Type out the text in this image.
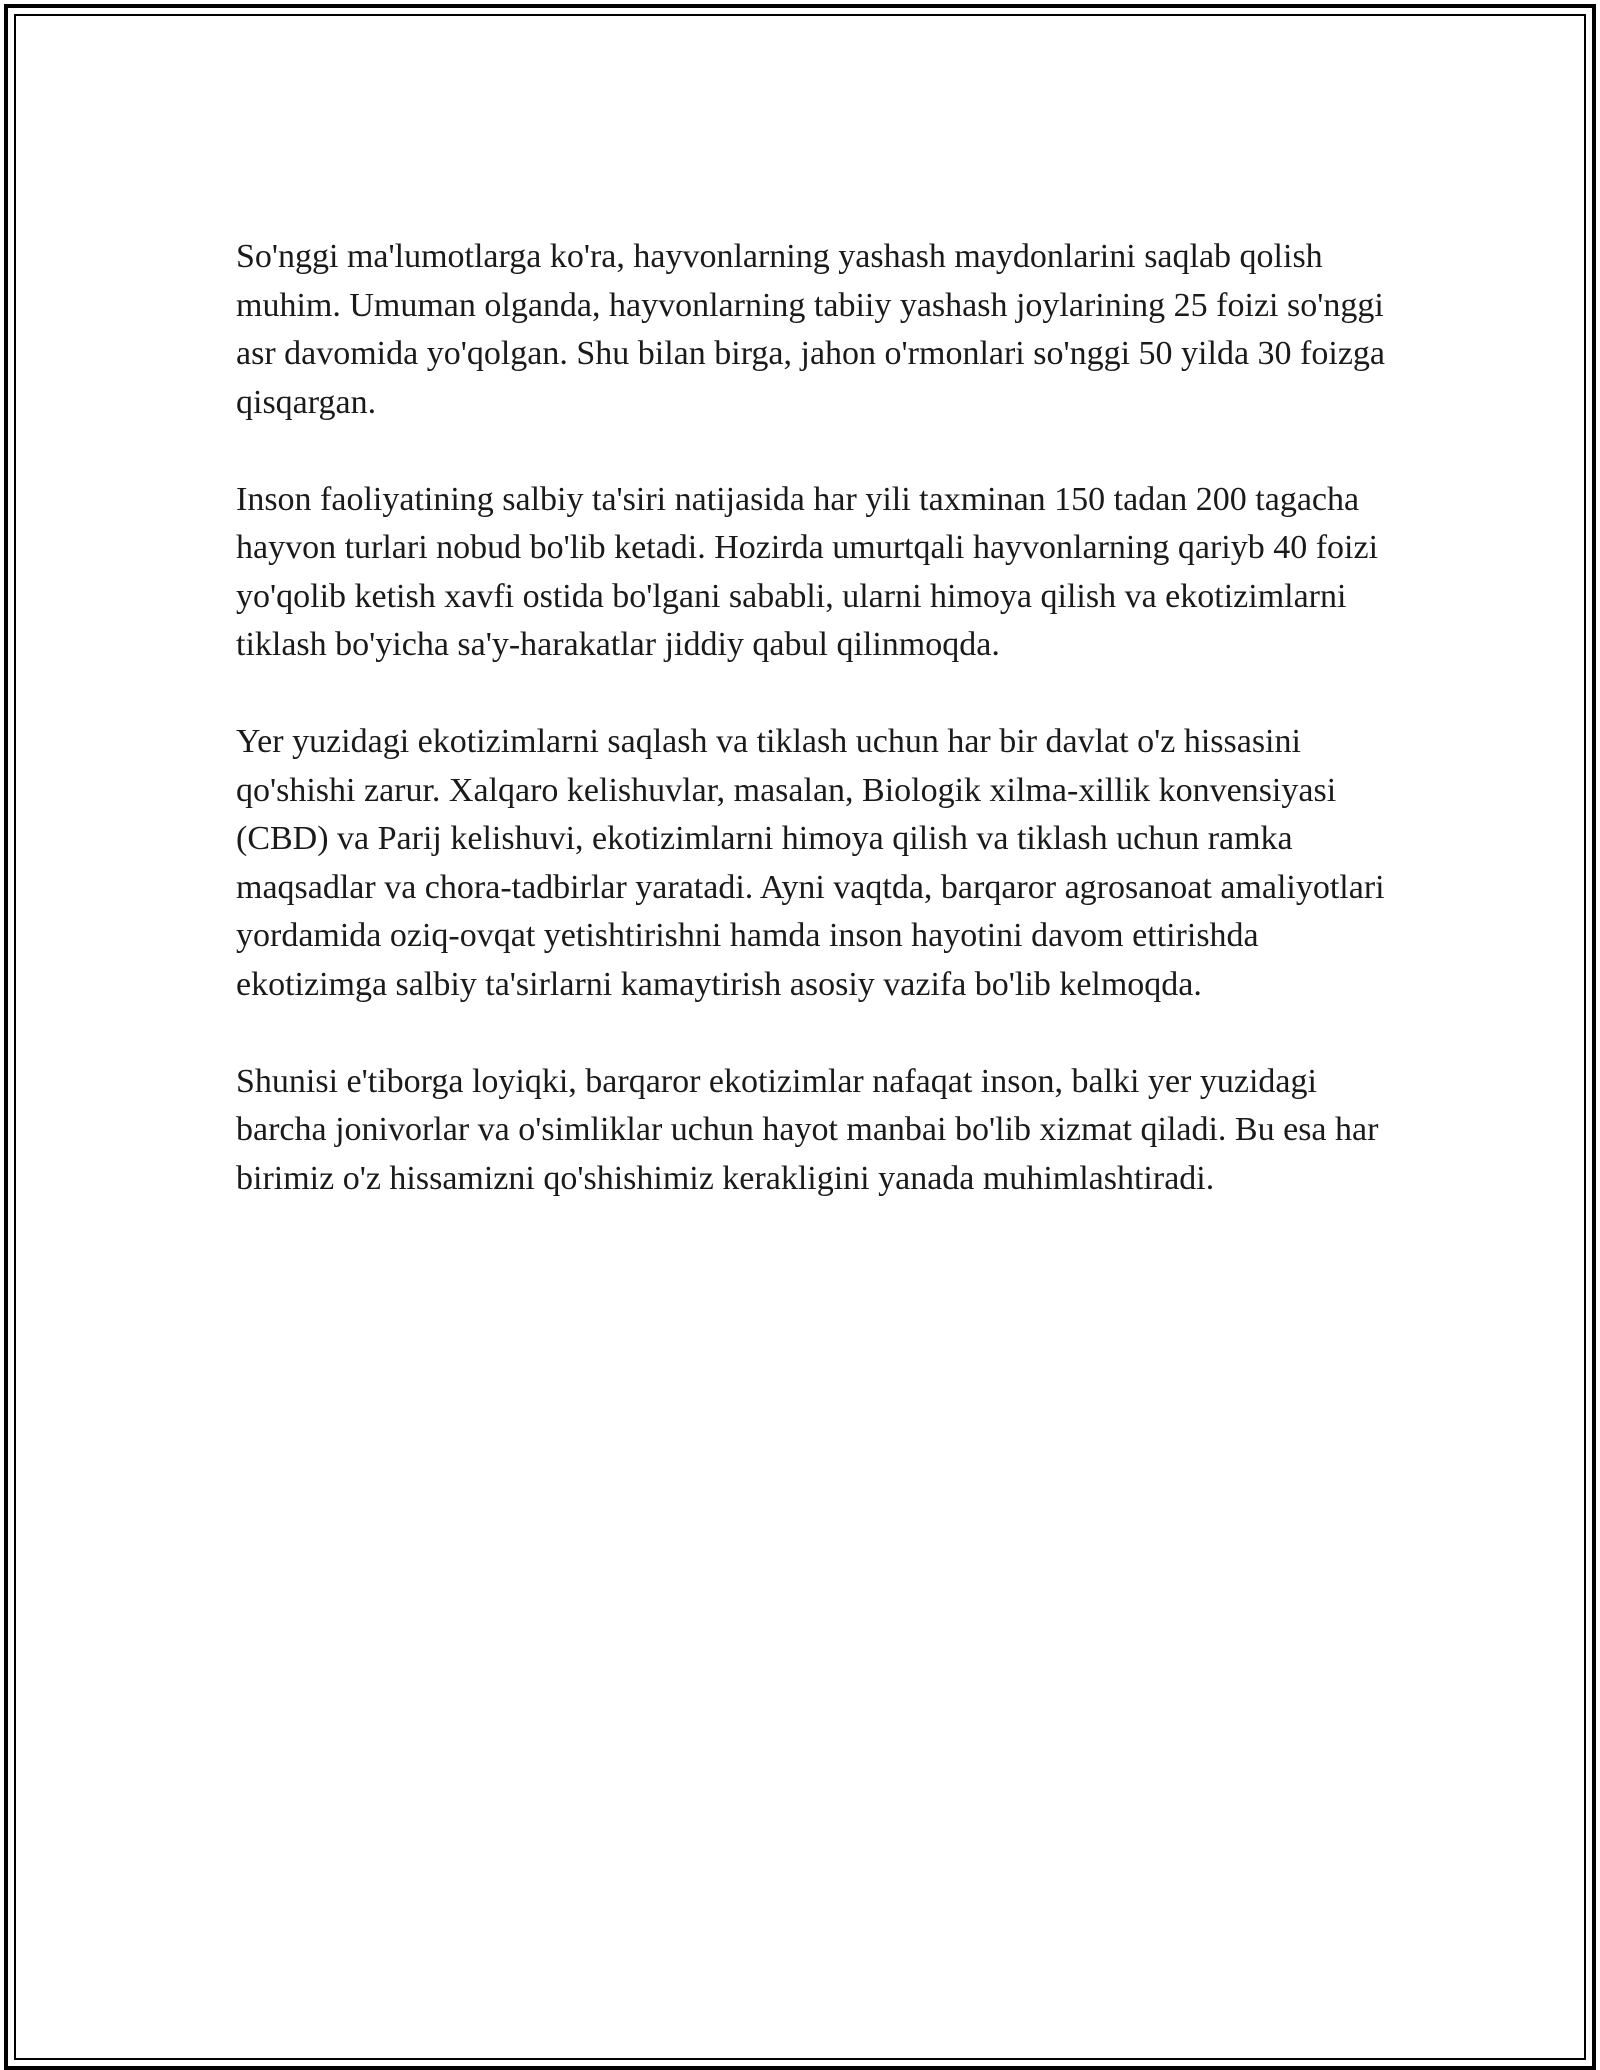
So'nggi ma'lumotlarga ko'ra, hayvonlarning yashash maydonlarini saqlab qolish muhim. Umuman olganda, hayvonlarning tabiiy yashash joylarining 25 foizi so'nggi asr davomida yo'qolgan. Shu bilan birga, jahon o'rmonlari so'nggi 50 yilda 30 foizga qisqargan.

Inson faoliyatining salbiy ta'siri natijasida har yili taxminan 150 tadan 200 tagacha hayvon turlari nobud bo'lib ketadi. Hozirda umurtqali hayvonlarning qariyb 40 foizi yo'qolib ketish xavfi ostida bo'lgani sababli, ularni himoya qilish va ekotizimlarni tiklash bo'yicha sa'y-harakatlar jiddiy qabul qilinmoqda.

Yer yuzidagi ekotizimlarni saqlash va tiklash uchun har bir davlat o'z hissasini qo'shishi zarur. Xalqaro kelishuvlar, masalan, Biologik xilma-xillik konvensiyasi (CBD) va Parij kelishuvi, ekotizimlarni himoya qilish va tiklash uchun ramka maqsadlar va chora-tadbirlar yaratadi. Ayni vaqtda, barqaror agrosanoat amaliyotlari yordamida oziq-ovqat yetishtirishni hamda inson hayotini davom ettirishda ekotizimga salbiy ta'sirlarni kamaytirish asosiy vazifa bo'lib kelmoqda.

Shunisi e'tiborga loyiqki, barqaror ekotizimlar nafaqat inson, balki yer yuzidagi barcha jonivorlar va o'simliklar uchun hayot manbai bo'lib xizmat qiladi. Bu esa har birimiz o'z hissamizni qo'shishimiz kerakligini yanada muhimlashtiradi.
